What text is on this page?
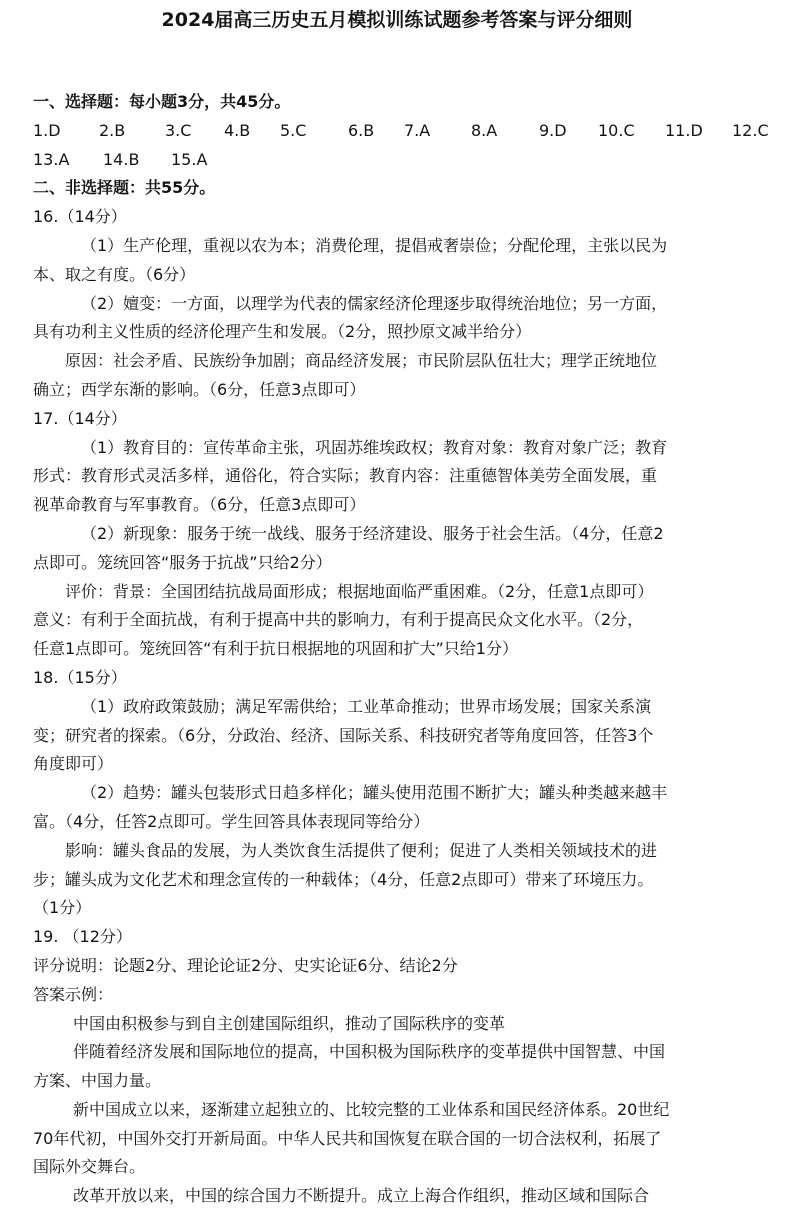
2024届高三历史五月模拟训练试题参考答案与评分细则
一、选择题：每小题3分，共45分。
1.D 2.B 3.C 4.B 5.C	6.B 7.A	8.A	9.D 10.C 11.D 12.C
13.A 14.B 15.A
二、非选择题：共55分。
16.（14分）
（1）生产伦理，重视以农为本；消费伦理，提倡戒奢崇俭；分配伦理，主张以民为
本、取之有度。（6分）
（2）嬗变：一方面，以理学为代表的儒家经济伦理逐步取得统治地位；另一方面，
具有功利主义性质的经济伦理产生和发展。（2分，照抄原文减半给分）
原因：社会矛盾、民族纷争加剧；商品经济发展；市民阶层队伍壮大；理学正统地位
确立；西学东渐的影响。（6分，任意3点即可）
17.（14分）
（1）教育目的：宣传革命主张，巩固苏维埃政权；教育对象：教育对象广泛；教育
形式：教育形式灵活多样，通俗化，符合实际；教育内容：注重德智体美劳全面发展，重
视革命教育与军事教育。（6分，任意3点即可）
（2）新现象：服务于统一战线、服务于经济建设、服务于社会生活。（4分，任意2
点即可。笼统回答“服务于抗战”只给2分）
评价：背景：全国团结抗战局面形成；根据地面临严重困难。（2分，任意1点即可）
意义：有利于全面抗战，有利于提高中共的影响力，有利于提高民众文化水平。（2分，
任意1点即可。笼统回答“有利于抗日根据地的巩固和扩大”只给1分）
18.（15分）
（1）政府政策鼓励；满足军需供给；工业革命推动；世界市场发展；国家关系演
变；研究者的探索。（6分，分政治、经济、国际关系、科技研究者等角度回答，任答3个
角度即可）
（2）趋势：罐头包装形式日趋多样化；罐头使用范围不断扩大；罐头种类越来越丰
富。（4分，任答2点即可。学生回答具体表现同等给分）
影响：罐头食品的发展，为人类饮食生活提供了便利；促进了人类相关领域技术的进
步；罐头成为文化艺术和理念宣传的一种载体；（4分，任意2点即可）带来了环境压力。
（1分）
19. （12分）
评分说明：论题2分、理论论证2分、史实论证6分、结论2分
答案示例：
中国由积极参与到自主创建国际组织，推动了国际秩序的变革
伴随着经济发展和国际地位的提高，中国积极为国际秩序的变革提供中国智慧、中国
方案、中国力量。
新中国成立以来，逐渐建立起独立的、比较完整的工业体系和国民经济体系。20世纪
70年代初，中国外交打开新局面。中华人民共和国恢复在联合国的一切合法权利，拓展了
国际外交舞台。
改革开放以来，中国的综合国力不断提升。成立上海合作组织，推动区域和国际合
